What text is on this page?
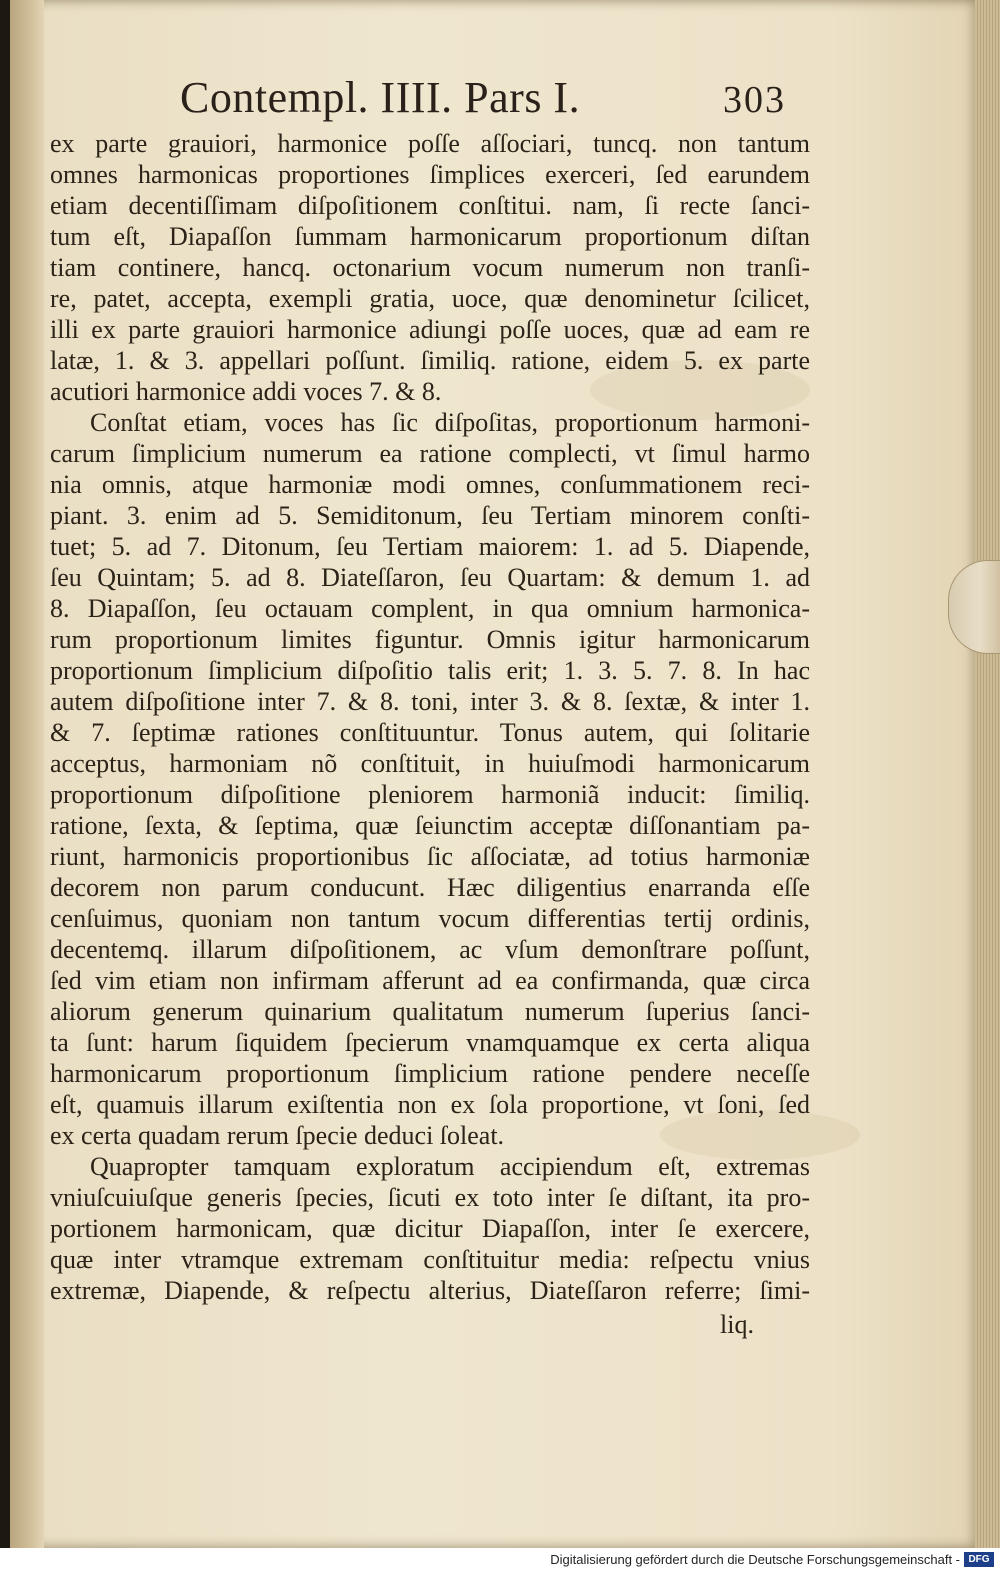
Contempl. IIII. Pars I.	303
ex parte grauiori, harmonice poſſe aſſociari, tuncq. non tantum
omnes harmonicas proportiones ſimplices exerceri, ſed earundem
etiam decentiſſimam diſpoſitionem conſtitui. nam, ſi recte ſanci-
tum eſt, Diapaſſon ſummam harmonicarum proportionum diſtan
tiam continere, hancq. octonarium vocum numerum non tranſi-
re, patet, accepta, exempli gratia, uoce, quæ denominetur ſcilicet,
illi ex parte grauiori harmonice adiungi poſſe uoces, quæ ad eam re
latæ, 1. & 3. appellari poſſunt. ſimiliq. ratione, eidem 5. ex parte
acutiori harmonice addi voces 7. & 8.
Conſtat etiam, voces has ſic diſpoſitas, proportionum harmoni-
carum ſimplicium numerum ea ratione complecti, vt ſimul harmo
nia omnis, atque harmoniæ modi omnes, conſummationem reci-
piant. 3. enim ad 5. Semiditonum, ſeu Tertiam minorem conſti-
tuet; 5. ad 7. Ditonum, ſeu Tertiam maiorem: 1. ad 5. Diapende,
ſeu Quintam; 5. ad 8. Diateſſaron, ſeu Quartam: & demum 1. ad
8. Diapaſſon, ſeu octauam complent, in qua omnium harmonica-
rum proportionum limites figuntur. Omnis igitur harmonicarum
proportionum ſimplicium diſpoſitio talis erit; 1. 3. 5. 7. 8. In hac
autem diſpoſitione inter 7. & 8. toni, inter 3. & 8. ſextæ, & inter 1.
& 7. ſeptimæ rationes conſtituuntur. Tonus autem, qui ſolitarie
acceptus, harmoniam nõ conſtituit, in huiuſmodi harmonicarum
proportionum diſpoſitione pleniorem harmoniã inducit: ſimiliq.
ratione, ſexta, & ſeptima, quæ ſeiunctim acceptæ diſſonantiam pa-
riunt, harmonicis proportionibus ſic aſſociatæ, ad totius harmoniæ
decorem non parum conducunt. Hæc diligentius enarranda eſſe
cenſuimus, quoniam non tantum vocum differentias tertij ordinis,
decentemq. illarum diſpoſitionem, ac vſum demonſtrare poſſunt,
ſed vim etiam non infirmam afferunt ad ea confirmanda, quæ circa
aliorum generum quinarium qualitatum numerum ſuperius ſanci-
ta ſunt: harum ſiquidem ſpecierum vnamquamque ex certa aliqua
harmonicarum proportionum ſimplicium ratione pendere neceſſe
eſt, quamuis illarum exiſtentia non ex ſola proportione, vt ſoni, ſed
ex certa quadam rerum ſpecie deduci ſoleat.
Quapropter tamquam exploratum accipiendum eſt, extremas
vniuſcuiuſque generis ſpecies, ſicuti ex toto inter ſe diſtant, ita pro-
portionem harmonicam, quæ dicitur Diapaſſon, inter ſe exercere,
quæ inter vtramque extremam conſtituitur media: reſpectu vnius
extremæ, Diapende, & reſpectu alterius, Diateſſaron referre; ſimi-
liq.
Digitalisierung gefördert durch die Deutsche Forschungsgemeinschaft - DFG
